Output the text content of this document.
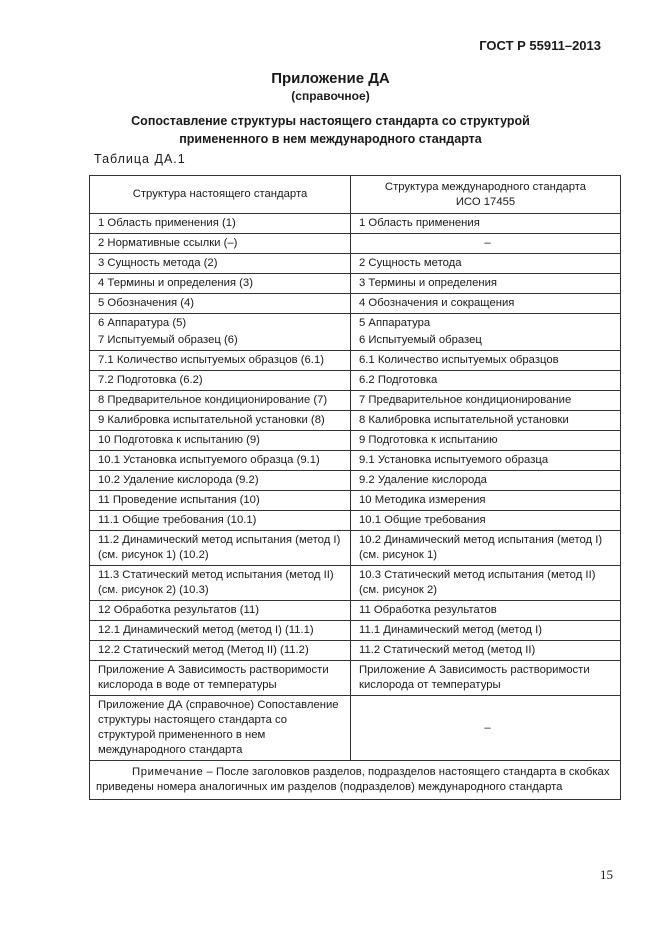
ГОСТ Р 55911–2013
Приложение ДА
(справочное)
Сопоставление структуры настоящего стандарта со структурой
примененного в нем международного стандарта
Таблица ДА.1
Структура настоящего стандарта	Структура международного стандарта
ИСО 17455

1 Область применения (1)	1 Область применения
2 Нормативные ссылки (–)	–
3 Сущность метода (2)	2 Сущность метода
4 Термины и определения (3)	3 Термины и определения
5 Обозначения (4)	4 Обозначения и сокращения
6 Аппаратура (5)	5 Аппаратура
7 Испытуемый образец (6)	6 Испытуемый образец
7.1 Количество испытуемых образцов (6.1)	6.1 Количество испытуемых образцов
7.2 Подготовка (6.2)	6.2 Подготовка
8 Предварительное кондиционирование (7)	7 Предварительное кондиционирование
9 Калибровка испытательной установки (8)	8 Калибровка испытательной установки
10 Подготовка к испытанию (9)	9 Подготовка к испытанию
10.1 Установка испытуемого образца (9.1)	9.1 Установка испытуемого образца
10.2 Удаление кислорода (9.2)	9.2 Удаление кислорода
11 Проведение испытания (10)	10 Методика измерения
11.1 Общие требования (10.1)	10.1 Общие требования
11.2 Динамический метод испытания (метод I) (см. рисунок 1) (10.2)	10.2 Динамический метод испытания (метод I) (см. рисунок 1)
11.3 Статический метод испытания (метод II) (см. рисунок 2) (10.3)	10.3 Статический метод испытания (метод II) (см. рисунок 2)
12 Обработка результатов (11)	11 Обработка результатов
12.1 Динамический метод (метод I) (11.1)	11.1 Динамический метод (метод I)
12.2 Статический метод (Метод II) (11.2)	11.2 Статический метод (метод II)
Приложение А Зависимость растворимости кислорода в воде от температуры	Приложение А Зависимость растворимости кислорода от температуры
Приложение ДА (справочное) Сопоставление структуры настоящего стандарта со структурой примененного в нем международного стандарта	–
Примечание – После заголовков разделов, подразделов настоящего стандарта в скобках приведены номера аналогичных им разделов (подразделов) международного стандарта	
15
